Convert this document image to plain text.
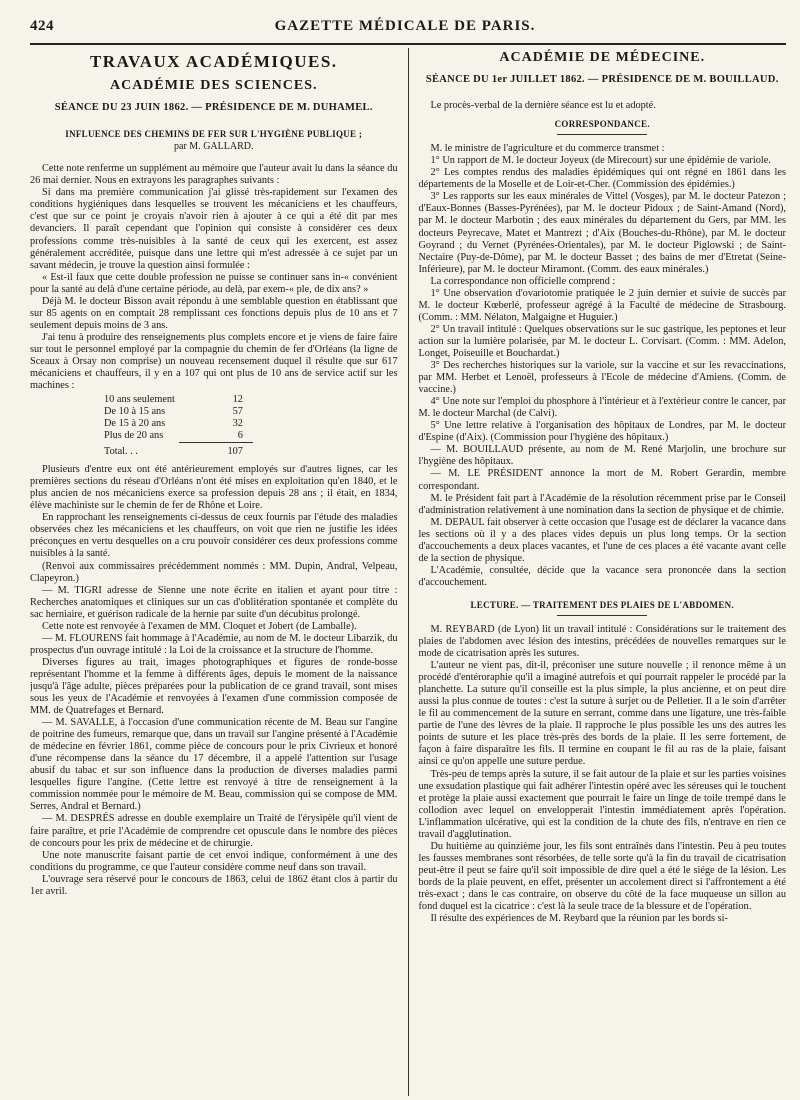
424	GAZETTE MÉDICALE DE PARIS.
TRAVAUX ACADÉMIQUES.
ACADÉMIE DES SCIENCES.
SÉANCE DU 23 JUIN 1862. — PRÉSIDENCE DE M. DUHAMEL.
INFLUENCE DES CHEMINS DE FER SUR L'HYGIÈNE PUBLIQUE ;
par M. GALLARD.

Cette note renferme un supplément au mémoire que l'auteur avait lu dans la séance du 26 mai dernier. Nous en extrayons les paragraphes suivants :

Si dans ma première communication j'ai glissé très-rapidement sur l'examen des conditions hygiéniques dans lesquelles se trouvent les mécaniciens et les chauffeurs, c'est que sur ce point je croyais n'avoir rien à ajouter à ce qui a été dit par mes devanciers. Il paraît cependant que l'opinion qui consiste à considérer ces deux professions comme très-nuisibles à la santé de ceux qui les exercent, est assez généralement accréditée, puisque dans une lettre qui m'est adressée à ce sujet par un savant médecin, je trouve la question ainsi formulée :

« Est-il faux que cette double profession ne puisse se continuer sans in-« convénient pour la santé au delà d'une certaine période, au delà, par exem-« ple, de dix ans? »

Déjà M. le docteur Bisson avait répondu à une semblable question en établissant que sur 85 agents on en comptait 28 remplissant ces fonctions depuis plus de 10 ans et 7 seulement depuis moins de 3 ans.

J'ai tenu à produire des renseignements plus complets encore et je viens de faire faire sur tout le personnel employé par la compagnie du chemin de fer d'Orléans (la ligne de Sceaux à Orsay non comprise) un nouveau recensement duquel il résulte que sur 617 mécaniciens et chauffeurs, il y en a 107 qui ont plus de 10 ans de service actif sur les machines :

10 ans seulement	12
De 10 à 15 ans	57
De 15 à 20 ans	32
Plus de 20 ans	6
Total. . .	107

Plusieurs d'entre eux ont été antérieurement employés sur d'autres lignes, car les premières sections du réseau d'Orléans n'ont été mises en exploitation qu'en 1840, et le plus ancien de nos mécaniciens exerce sa profession depuis 28 ans ; il était, en 1834, élève machiniste sur le chemin de fer de Rhône et Loire.

En rapprochant les renseignements ci-dessus de ceux fournis par l'étude des maladies observées chez les mécaniciens et les chauffeurs, on voit que rien ne justifie les idées préconçues en vertu desquelles on a cru pouvoir considérer ces deux professions comme nuisibles à la santé.

(Renvoi aux commissaires précédemment nommés : MM. Dupin, Andral, Velpeau, Clapeyron.)

— M. TIGRI adresse de Sienne une note écrite en italien et ayant pour titre : Recherches anatomiques et cliniques sur un cas d'oblitération spontanée et complète du sac herniaire, et guérison radicale de la hernie par suite d'un décubitus prolongé.

Cette note est renvoyée à l'examen de MM. Cloquet et Jobert (de Lamballe).

— M. FLOURENS fait hommage à l'Académie, au nom de M. le docteur Libarzik, du prospectus d'un ouvrage intitulé : la Loi de la croissance et la structure de l'homme.

Diverses figures au trait, images photographiques et figures de ronde-bosse représentant l'homme et la femme à différents âges, depuis le moment de la naissance jusqu'à l'âge adulte, pièces préparées pour la publication de ce grand travail, sont mises sous les yeux de l'Académie et renvoyées à l'examen d'une commission composée de MM. de Quatrefages et Bernard.

— M. SAVALLE, à l'occasion d'une communication récente de M. Beau sur l'angine de poitrine des fumeurs, remarque que, dans un travail sur l'angine présenté à l'Académie de médecine en février 1861, comme pièce de concours pour le prix Civrieux et honoré d'une récompense dans la séance du 17 décembre, il a appelé l'attention sur l'usage abusif du tabac et sur son influence dans la production de diverses maladies parmi lesquelles figure l'angine. (Cette lettre est renvoyé à titre de renseignement à la commission nommée pour le mémoire de M. Beau, commission qui se compose de MM. Serres, Andral et Bernard.)

— M. DESPRÉS adresse en double exemplaire un Traité de l'érysipèle qu'il vient de faire paraître, et prie l'Académie de comprendre cet opuscule dans le nombre des pièces de concours pour les prix de médecine et de chirurgie.

Une note manuscrite faisant partie de cet envoi indique, conformément à une des conditions du programme, ce que l'auteur considère comme neuf dans son travail.

L'ouvrage sera réservé pour le concours de 1863, celui de 1862 étant clos à partir du 1er avril.

ACADÉMIE DE MÉDECINE.
SÉANCE DU 1er JUILLET 1862. — PRÉSIDENCE DE M. BOUILLAUD.

Le procès-verbal de la dernière séance est lu et adopté.

CORRESPONDANCE.

M. le ministre de l'agriculture et du commerce transmet :

1° Un rapport de M. le docteur Joyeux (de Mirecourt) sur une épidémie de variole.

2° Les comptes rendus des maladies épidémiques qui ont régné en 1861 dans les départements de la Moselle et de Loir-et-Cher. (Commission des épidémies.)

3° Les rapports sur les eaux minérales de Vittel (Vosges), par M. le docteur Patezon ; d'Eaux-Bonnes (Basses-Pyrénées), par M. le docteur Pidoux ; de Saint-Amand (Nord), par M. le docteur Marbotin ; des eaux minérales du département du Gers, par MM. les docteurs Peyrecave, Matet et Mantrezt ; d'Aix (Bouches-du-Rhône), par M. le docteur Goyrand ; du Vernet (Pyrénées-Orientales), par M. le docteur Piglowski ; de Saint-Nectaire (Puy-de-Dôme), par M. le docteur Basset ; des bains de mer d'Etretat (Seine-Inférieure), par M. le docteur Miramont. (Comm. des eaux minérales.)

La correspondance non officielle comprend :

1° Une observation d'ovariotomie pratiquée le 2 juin dernier et suivie de succès par M. le docteur Kœberlé, professeur agrégé à la Faculté de médecine de Strasbourg. (Comm. : MM. Nélaton, Malgaigne et Huguier.)

2° Un travail intitulé : Quelques observations sur le suc gastrique, les peptones et leur action sur la lumière polarisée, par M. le docteur L. Corvisart. (Comm. : MM. Adelon, Longet, Poiseuille et Bouchardat.)

3° Des recherches historiques sur la variole, sur la vaccine et sur les revaccinations, par MM. Herbet et Lenoël, professeurs à l'Ecole de médecine d'Amiens. (Comm. de vaccine.)

4° Une note sur l'emploi du phosphore à l'intérieur et à l'extérieur contre le cancer, par M. le docteur Marchal (de Calvi).

5° Une lettre relative à l'organisation des hôpitaux de Londres, par M. le docteur d'Espine (d'Aix). (Commission pour l'hygiène des hôpitaux.)

— M. BOUILLAUD présente, au nom de M. René Marjolin, une brochure sur l'hygiène des hôpitaux.

— M. LE PRÉSIDENT annonce la mort de M. Robert Gerardin, membre correspondant.

M. le Président fait part à l'Académie de la résolution récemment prise par le Conseil d'administration relativement à une nomination dans la section de physique et de chimie.

M. DEPAUL fait observer à cette occasion que l'usage est de déclarer la vacance dans les sections où il y a des places vides depuis un plus long temps. Or la section d'accouchements a deux places vacantes, et l'une de ces places a été vacante avant celle de la section de physique.

L'Académie, consultée, décide que la vacance sera prononcée dans la section d'accouchement.

LECTURE. — TRAITEMENT DES PLAIES DE L'ABDOMEN.

M. REYBARD (de Lyon) lit un travail intitulé : Considérations sur le traitement des plaies de l'abdomen avec lésion des intestins, précédées de nouvelles remarques sur le mode de cicatrisation après les sutures.

L'auteur ne vient pas, dit-il, préconiser une suture nouvelle ; il renonce même à un procédé d'entéroraphie qu'il a imaginé autrefois et qui pourrait rappeler le procédé par la planchette. La suture qu'il conseille est la plus simple, la plus ancienne, et on peut dire aussi la plus connue de toutes : c'est la suture à surjet ou de Pelletier. Il a le soin d'arrêter le fil au commencement de la suture en serrant, comme dans une ligature, une très-faible partie de l'une des lèvres de la plaie. Il rapproche le plus possible les uns des autres les points de suture et les place très-près des bords de la plaie. Il les serre fortement, de façon à faire disparaître les fils. Il termine en coupant le fil au ras de la plaie, faisant ainsi ce qu'on appelle une suture perdue.

Très-peu de temps après la suture, il se fait autour de la plaie et sur les parties voisines une exsudation plastique qui fait adhérer l'intestin opéré avec les séreuses qui le touchent et protège la plaie aussi exactement que pourrait le faire un linge de toile trempé dans le collodion avec lequel on envelopperait l'intestin immédiatement après l'opération. L'inflammation ulcérative, qui est la condition de la chute des fils, n'entrave en rien ce travail d'agglutination.

Du huitième au quinzième jour, les fils sont entraînés dans l'intestin. Peu à peu toutes les fausses membranes sont résorbées, de telle sorte qu'à la fin du travail de cicatrisation peut-être il peut se faire qu'il soit impossible de dire quel a été le siége de la lésion. Les bords de la plaie peuvent, en effet, présenter un accolement direct si l'affrontement a été très-exact ; dans le cas contraire, on observe du côté de la face muqueuse un sillon au fond duquel est la cicatrice : c'est là la seule trace de la blessure et de l'opération.

Il résulte des expériences de M. Reybard que la réunion par les bords si-
